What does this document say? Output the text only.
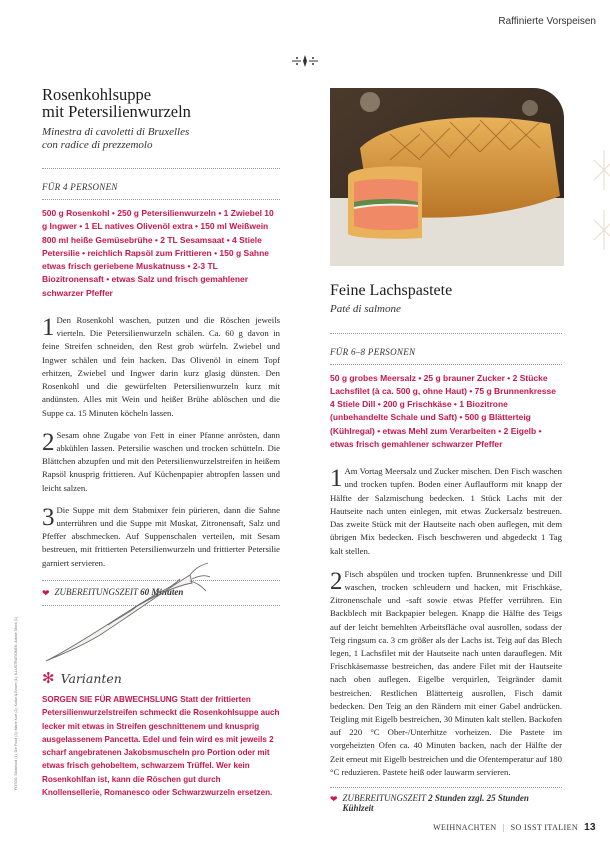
Raffinierte Vorspeisen
FOTOS: Stockfood (1); Die Food (3); Marie Kurt (2); Kultur & Brown (1); ILLUSTRATIONEN: Adobe Stock (1)
Rosenkohlsuppe
mit Petersilienwurzeln
Minestra di cavoletti di Bruxelles
con radice di prezzemolo
FÜR 4 PERSONEN
500 g Rosenkohl • 250 g Petersilienwurzeln • 1 Zwiebel 10 g Ingwer • 1 EL natives Olivenöl extra • 150 ml Weißwein 800 ml heiße Gemüsebrühe • 2 TL Sesamsaat • 4 Stiele Petersilie • reichlich Rapsöl zum Frittieren • 150 g Sahne etwas frisch geriebene Muskatnuss • 2-3 TL Biozitronensaft • etwas Salz und frisch gemahlener schwarzer Pfeffer
1 Den Rosenkohl waschen, putzen und die Röschen jeweils vierteln. Die Petersilienwurzeln schälen. Ca. 60 g davon in feine Streifen schneiden, den Rest grob würfeln. Zwiebel und Ingwer schälen und fein hacken. Das Olivenöl in einem Topf erhitzen, Zwiebel und Ingwer darin kurz glasig dünsten. Den Rosenkohl und die gewürfelten Petersilienwurzeln kurz mit andünsten. Alles mit Wein und heißer Brühe ablöschen und die Suppe ca. 15 Minuten köcheln lassen.
2 Sesam ohne Zugabe von Fett in einer Pfanne anrösten, dann abkühlen lassen. Petersilie waschen und trocken schütteln. Die Blättchen abzupfen und mit den Petersilienwurzelstreifen in heißem Rapsöl knusprig frittieren. Auf Küchenpapier abtropfen lassen und leicht salzen.
3 Die Suppe mit dem Stabmixer fein pürieren, dann die Sahne unterrühren und die Suppe mit Muskat, Zitronensaft, Salz und Pfeffer abschmecken. Auf Suppenschalen verteilen, mit Sesam bestreuen, mit frittierten Petersilienwurzeln und frittierter Petersilie garniert servieren.
❤ ZUBEREITUNGSZEIT 60 Minuten
✻ Varianten
SORGEN SIE FÜR ABWECHSLUNG Statt der frittierten Petersilienwurzelstreifen schmeckt die Rosenkohlsuppe auch lecker mit etwas in Streifen geschnittenem und knusprig ausgelassenem Pancetta. Edel und fein wird es mit jeweils 2 scharf angebratenen Jakobsmuscheln pro Portion oder mit etwas frisch gehobeltem, schwarzem Trüffel. Wer kein Rosenkohlfan ist, kann die Röschen gut durch Knollensellerie, Romanesco oder Schwarzwurzeln ersetzen.
Feine Lachspastete
Paté di salmone
FÜR 6–8 PERSONEN
50 g grobes Meersalz • 25 g brauner Zucker • 2 Stücke Lachsfilet (à ca. 500 g, ohne Haut) • 75 g Brunnenkresse 4 Stiele Dill • 200 g Frischkäse • 1 Biozitrone (unbehandelte Schale und Saft) • 500 g Blätterteig (Kühlregal) • etwas Mehl zum Verarbeiten • 2 Eigelb • etwas frisch gemahlener schwarzer Pfeffer
1 Am Vortag Meersalz und Zucker mischen. Den Fisch waschen und trocken tupfen. Boden einer Auflaufform mit knapp der Hälfte der Salzmischung bedecken. 1 Stück Lachs mit der Hautseite nach unten einlegen, mit etwas Zuckersalz bestreuen. Das zweite Stück mit der Hautseite nach oben auflegen, mit dem übrigen Mix bedecken. Fisch beschweren und abgedeckt 1 Tag kalt stellen.
2 Fisch abspülen und trocken tupfen. Brunnenkresse und Dill waschen, trocken schleudern und hacken, mit Frischkäse, Zitronenschale und -saft sowie etwas Pfeffer verrühren. Ein Backblech mit Backpapier belegen. Knapp die Hälfte des Teigs auf der leicht bemehlten Arbeitsfläche oval ausrollen, sodass der Teig ringsum ca. 3 cm größer als der Lachs ist. Teig auf das Blech legen, 1 Lachsfilet mit der Hautseite nach unten darauflegen. Mit Frischkäsemasse bestreichen, das andere Filet mit der Hautseite nach oben auflegen. Eigelbe verquirlen, Teigränder damit bestreichen. Restlichen Blätterteig ausrollen, Fisch damit bedecken. Den Teig an den Rändern mit einer Gabel andrücken. Teigling mit Eigelb bestreichen, 30 Minuten kalt stellen. Backofen auf 220 °C Ober-/Unterhitze vorheizen. Die Pastete im vorgeheizten Ofen ca. 40 Minuten backen, nach der Hälfte der Zeit erneut mit Eigelb bestreichen und die Ofentemperatur auf 180 °C reduzieren. Pastete heiß oder lauwarm servieren.
❤ ZUBEREITUNGSZEIT 2 Stunden zzgl. 25 Stunden Kühlzeit
WEIHNACHTEN | SO ISST ITALIEN 13
